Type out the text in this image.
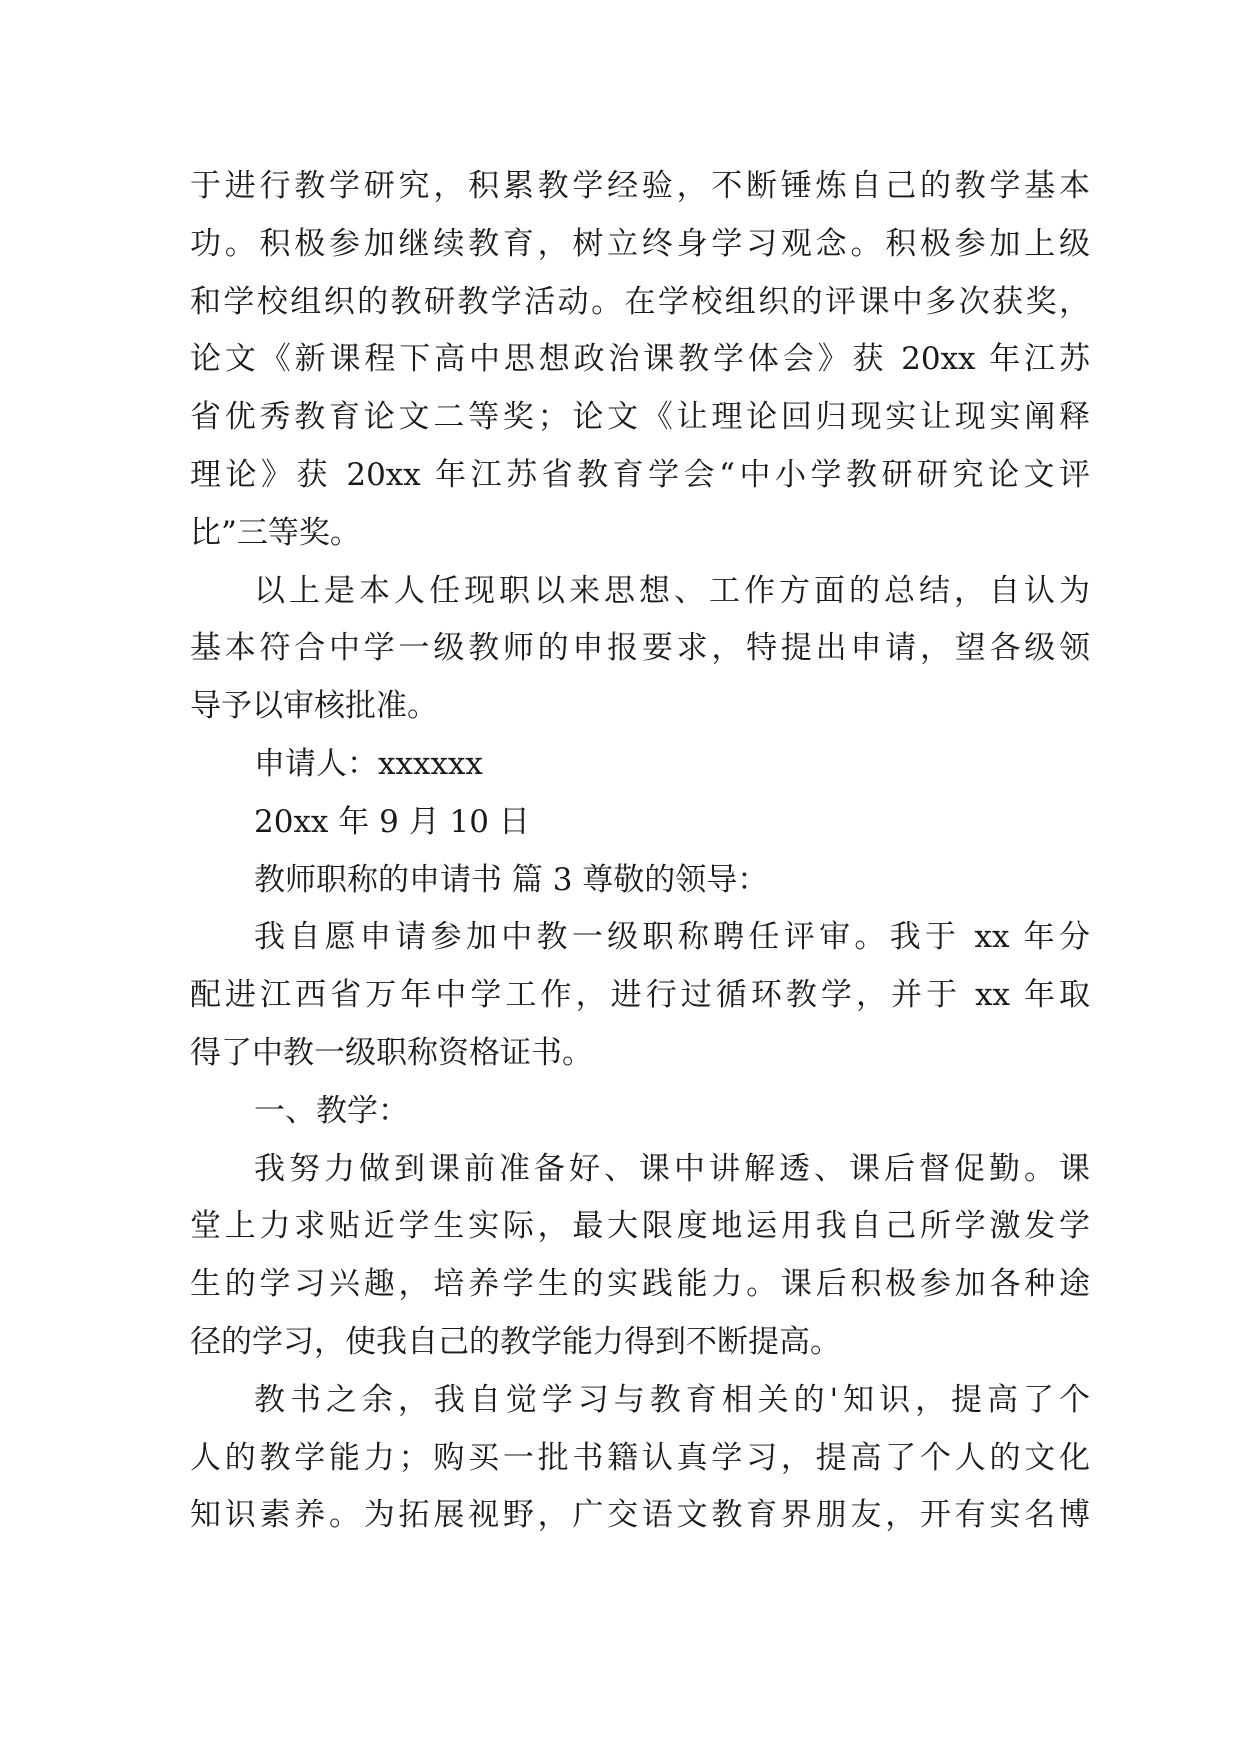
于进行教学研究，积累教学经验，不断锤炼自己的教学基本
功。积极参加继续教育，树立终身学习观念。积极参加上级
和学校组织的教研教学活动。在学校组织的评课中多次获奖，
论文《新课程下高中思想政治课教学体会》获 20xx 年江苏
省优秀教育论文二等奖；论文《让理论回归现实让现实阐释
理论》获 20xx 年江苏省教育学会“中小学教研研究论文评
比”三等奖。
以上是本人任现职以来思想、工作方面的总结，自认为
基本符合中学一级教师的申报要求，特提出申请，望各级领
导予以审核批准。
申请人：xxxxxx
20xx 年 9 月 10 日
教师职称的申请书 篇 3 尊敬的领导：
我自愿申请参加中教一级职称聘任评审。我于 xx 年分
配进江西省万年中学工作，进行过循环教学，并于 xx 年取
得了中教一级职称资格证书。
一、教学：
我努力做到课前准备好、课中讲解透、课后督促勤。课
堂上力求贴近学生实际，最大限度地运用我自己所学激发学
生的学习兴趣，培养学生的实践能力。课后积极参加各种途
径的学习，使我自己的教学能力得到不断提高。
教书之余，我自觉学习与教育相关的'知识，提高了个
人的教学能力；购买一批书籍认真学习，提高了个人的文化
知识素养。为拓展视野，广交语文教育界朋友，开有实名博
